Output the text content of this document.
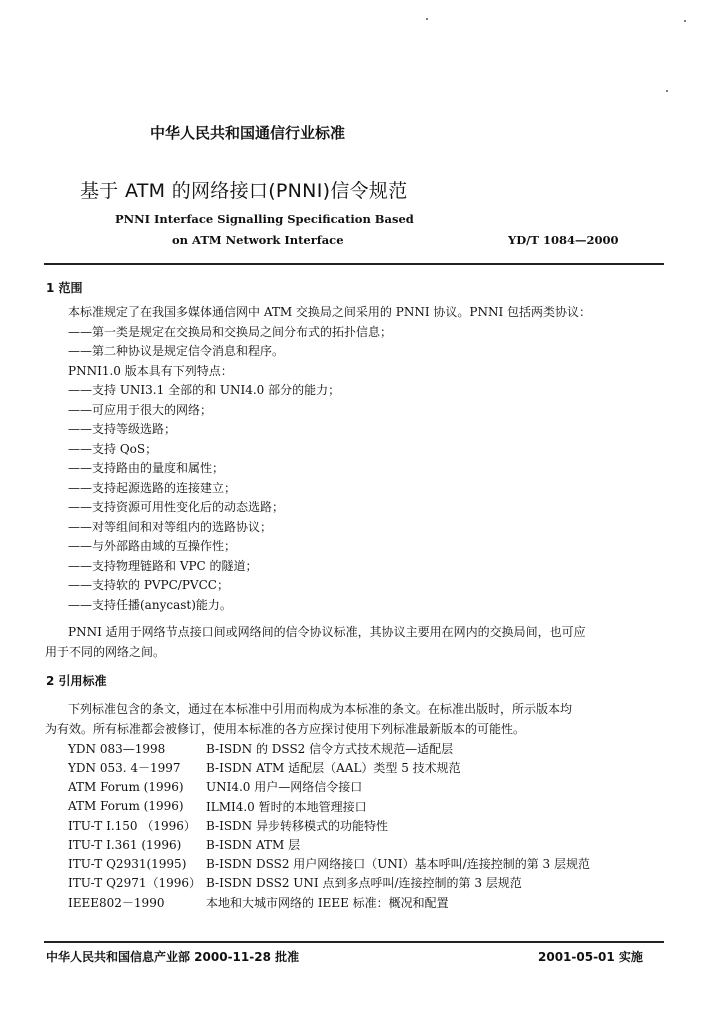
中华人民共和国通信行业标准
基于 ATM 的网络接口(PNNI)信令规范
PNNI Interface Signalling Specification Based
on ATM Network Interface	YD/T 1084—2000
1 范围
本标准规定了在我国多媒体通信网中 ATM 交换局之间采用的 PNNI 协议。PNNI 包括两类协议：
——第一类是规定在交换局和交换局之间分布式的拓扑信息；
——第二种协议是规定信令消息和程序。
PNNI1.0 版本具有下列特点：
——支持 UNI3.1 全部的和 UNI4.0 部分的能力；
——可应用于很大的网络；
——支持等级选路；
——支持 QoS；
——支持路由的量度和属性；
——支持起源选路的连接建立；
——支持资源可用性变化后的动态选路；
——对等组间和对等组内的选路协议；
——与外部路由域的互操作性；
——支持物理链路和 VPC 的隧道；
——支持软的 PVPC/PVCC；
——支持任播(anycast)能力。
PNNI 适用于网络节点接口间或网络间的信令协议标准，其协议主要用在网内的交换局间，也可应
用于不同的网络之间。
2 引用标准
下列标准包含的条文，通过在本标准中引用而构成为本标准的条文。在标准出版时，所示版本均
为有效。所有标准都会被修订，使用本标准的各方应探讨使用下列标准最新版本的可能性。
YDN 083—1998	B-ISDN 的 DSS2 信令方式技术规范—适配层
YDN 053. 4－1997	B-ISDN ATM 适配层（AAL）类型 5 技术规范
ATM Forum (1996)	UNI4.0 用户—网络信令接口
ATM Forum (1996)	ILMI4.0 暂时的本地管理接口
ITU-T I.150 （1996）	B-ISDN 异步转移模式的功能特性
ITU-T I.361 (1996)	B-ISDN ATM 层
ITU-T Q2931(1995)	B-ISDN DSS2 用户网络接口（UNI）基本呼叫/连接控制的第 3 层规范
ITU-T Q2971（1996）	B-ISDN DSS2 UNI 点到多点呼叫/连接控制的第 3 层规范
IEEE802－1990	本地和大城市网络的 IEEE 标准：概况和配置
中华人民共和国信息产业部 2000-11-28 批准	2001-05-01 实施
